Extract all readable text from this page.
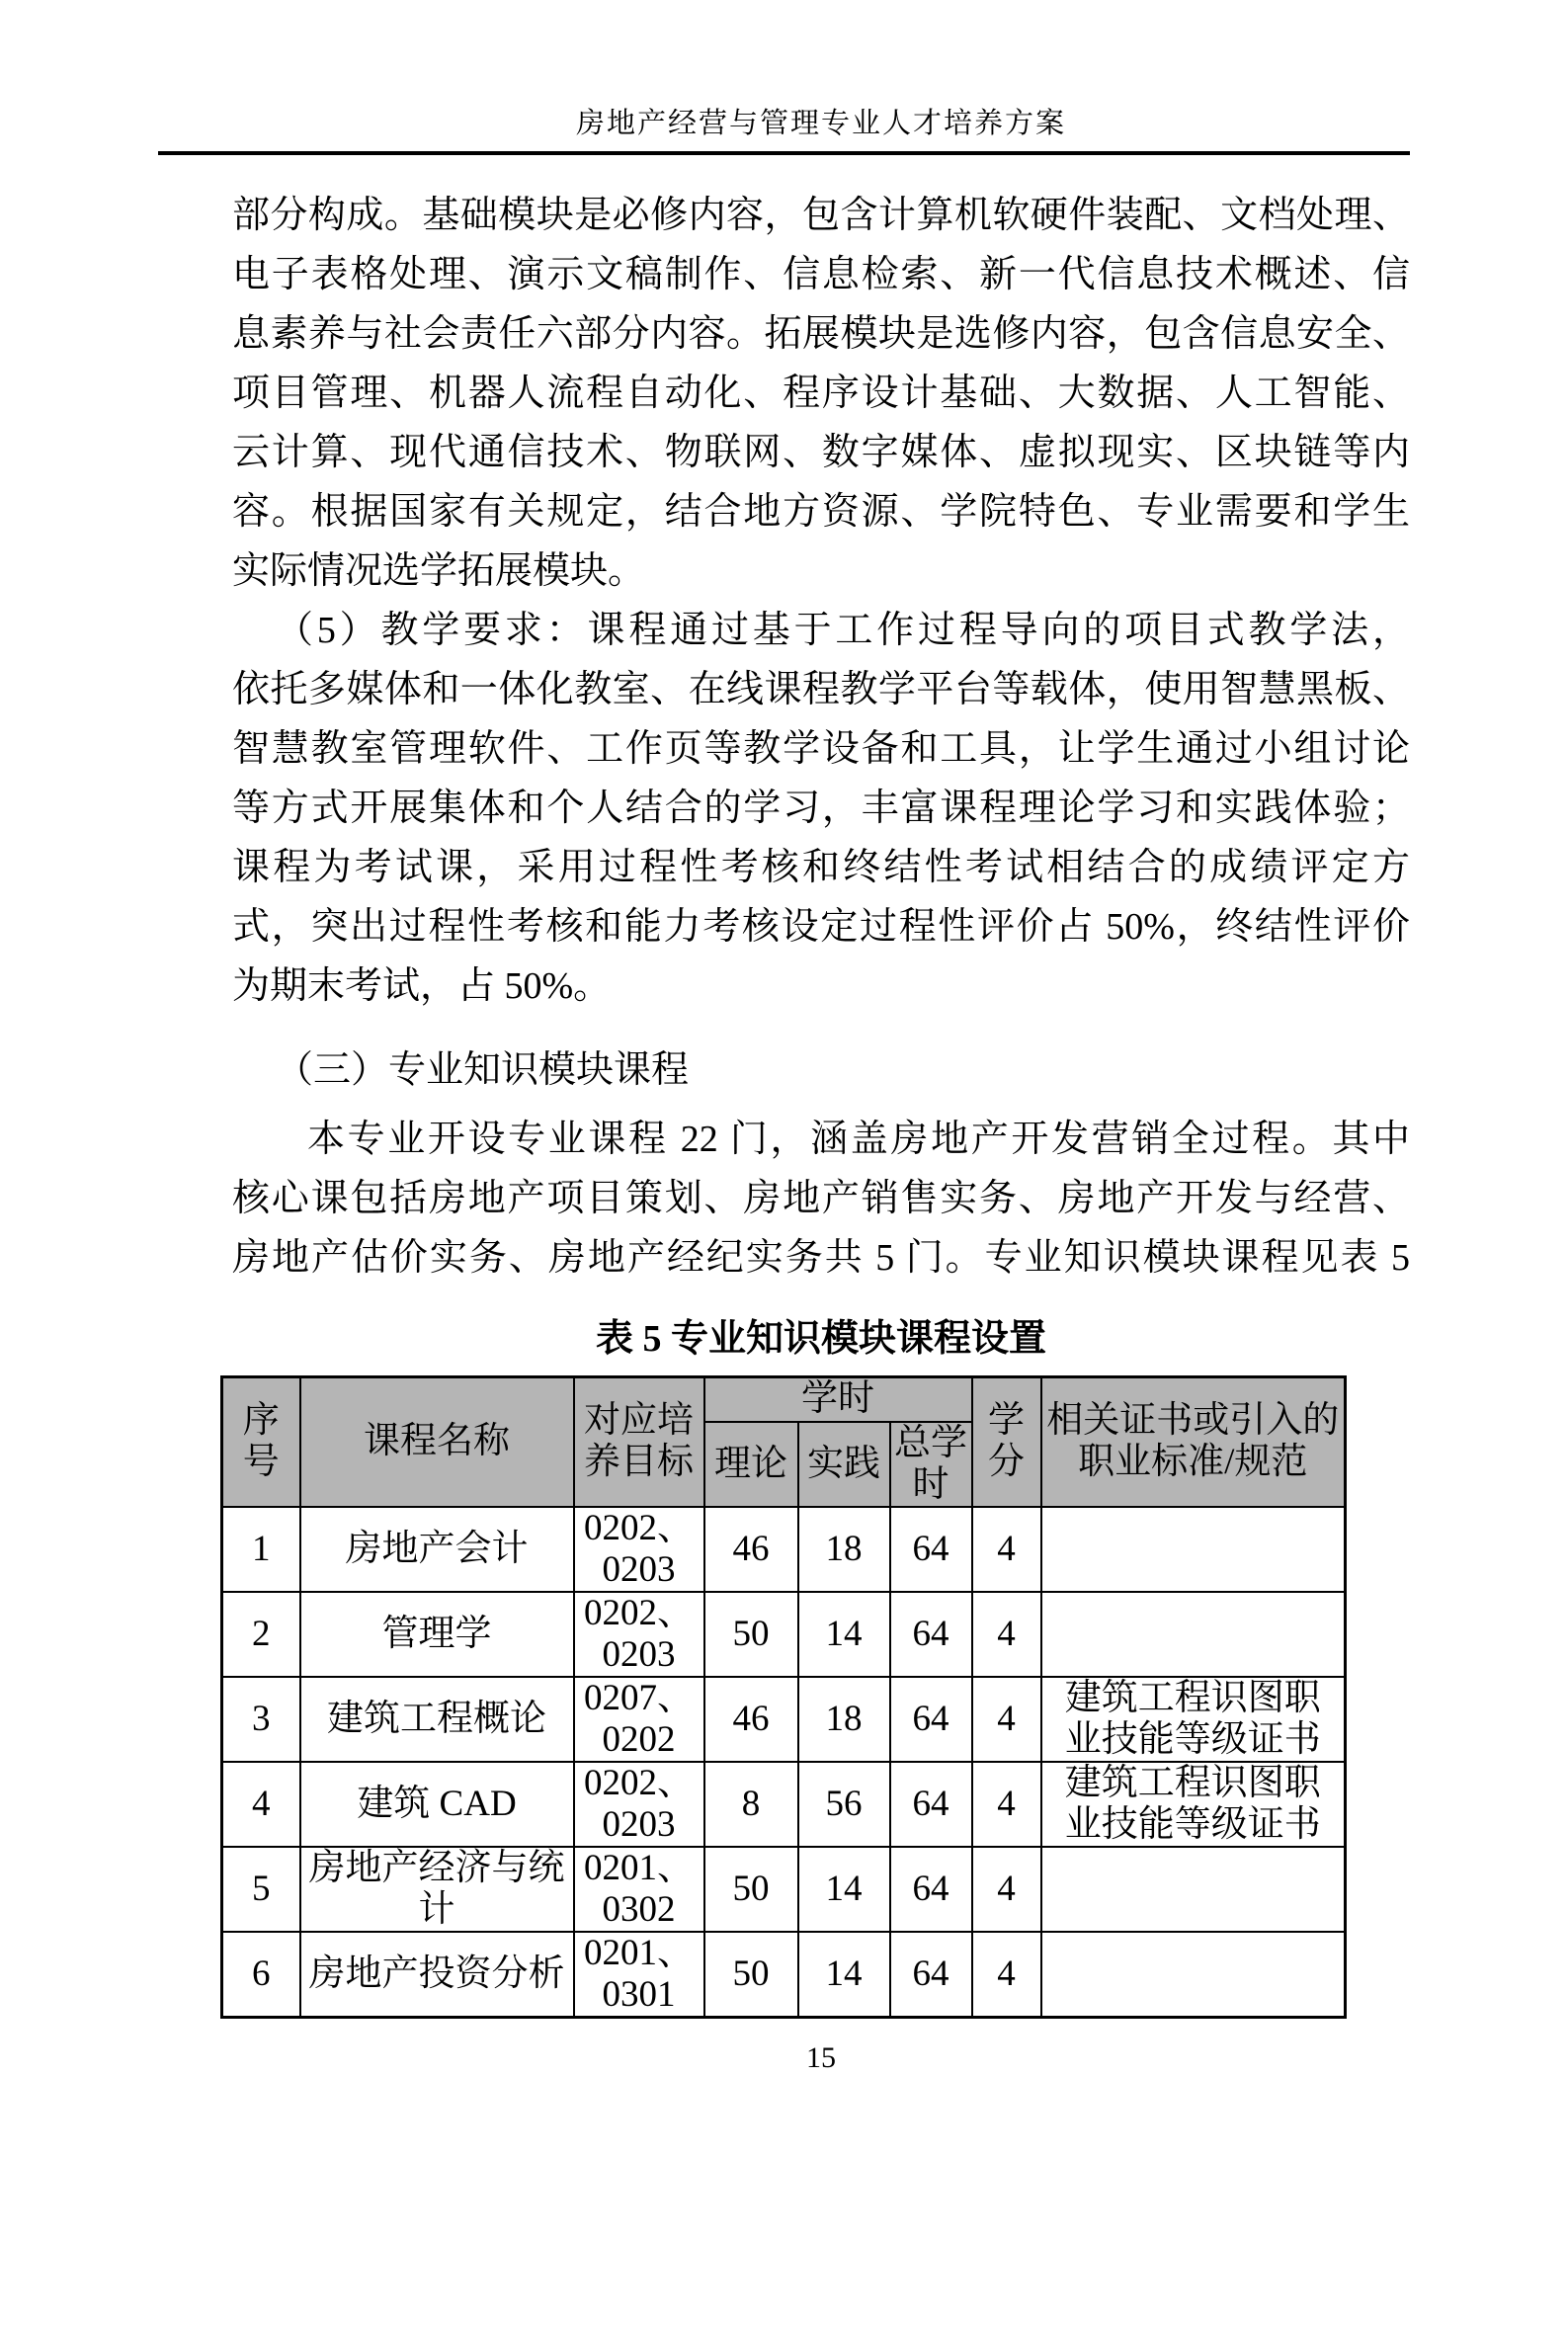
房地产经营与管理专业人才培养方案
部分构成。基础模块是必修内容，包含计算机软硬件装配、文档处理、
电子表格处理、演示文稿制作、信息检索、新一代信息技术概述、信
息素养与社会责任六部分内容。拓展模块是选修内容，包含信息安全、
项目管理、机器人流程自动化、程序设计基础、大数据、人工智能、
云计算、现代通信技术、物联网、数字媒体、虚拟现实、区块链等内
容。根据国家有关规定，结合地方资源、学院特色、专业需要和学生
实际情况选学拓展模块。
（5）教学要求：课程通过基于工作过程导向的项目式教学法，
依托多媒体和一体化教室、在线课程教学平台等载体，使用智慧黑板、
智慧教室管理软件、工作页等教学设备和工具，让学生通过小组讨论
等方式开展集体和个人结合的学习，丰富课程理论学习和实践体验；
课程为考试课，采用过程性考核和终结性考试相结合的成绩评定方
式，突出过程性考核和能力考核设定过程性评价占 50%，终结性评价
为期末考试，占 50%。
（三）专业知识模块课程
本专业开设专业课程 22 门，涵盖房地产开发营销全过程。其中
核心课包括房地产项目策划、房地产销售实务、房地产开发与经营、
房地产估价实务、房地产经纪实务共 5 门。专业知识模块课程见表 5
表 5 专业知识模块课程设置
序号	课程名称	对应培养目标	学时			学分	相关证书或引入的职业标准/规范
			理论	实践	总学时		
1	房地产会计	0202、0203	46	18	64	4	
2	管理学	0202、0203	50	14	64	4	
3	建筑工程概论	0207、0202	46	18	64	4	建筑工程识图职业技能等级证书
4	建筑 CAD	0202、0203	8	56	64	4	建筑工程识图职业技能等级证书
5	房地产经济与统计	0201、0302	50	14	64	4	
6	房地产投资分析	0201、0301	50	14	64	4	
15
